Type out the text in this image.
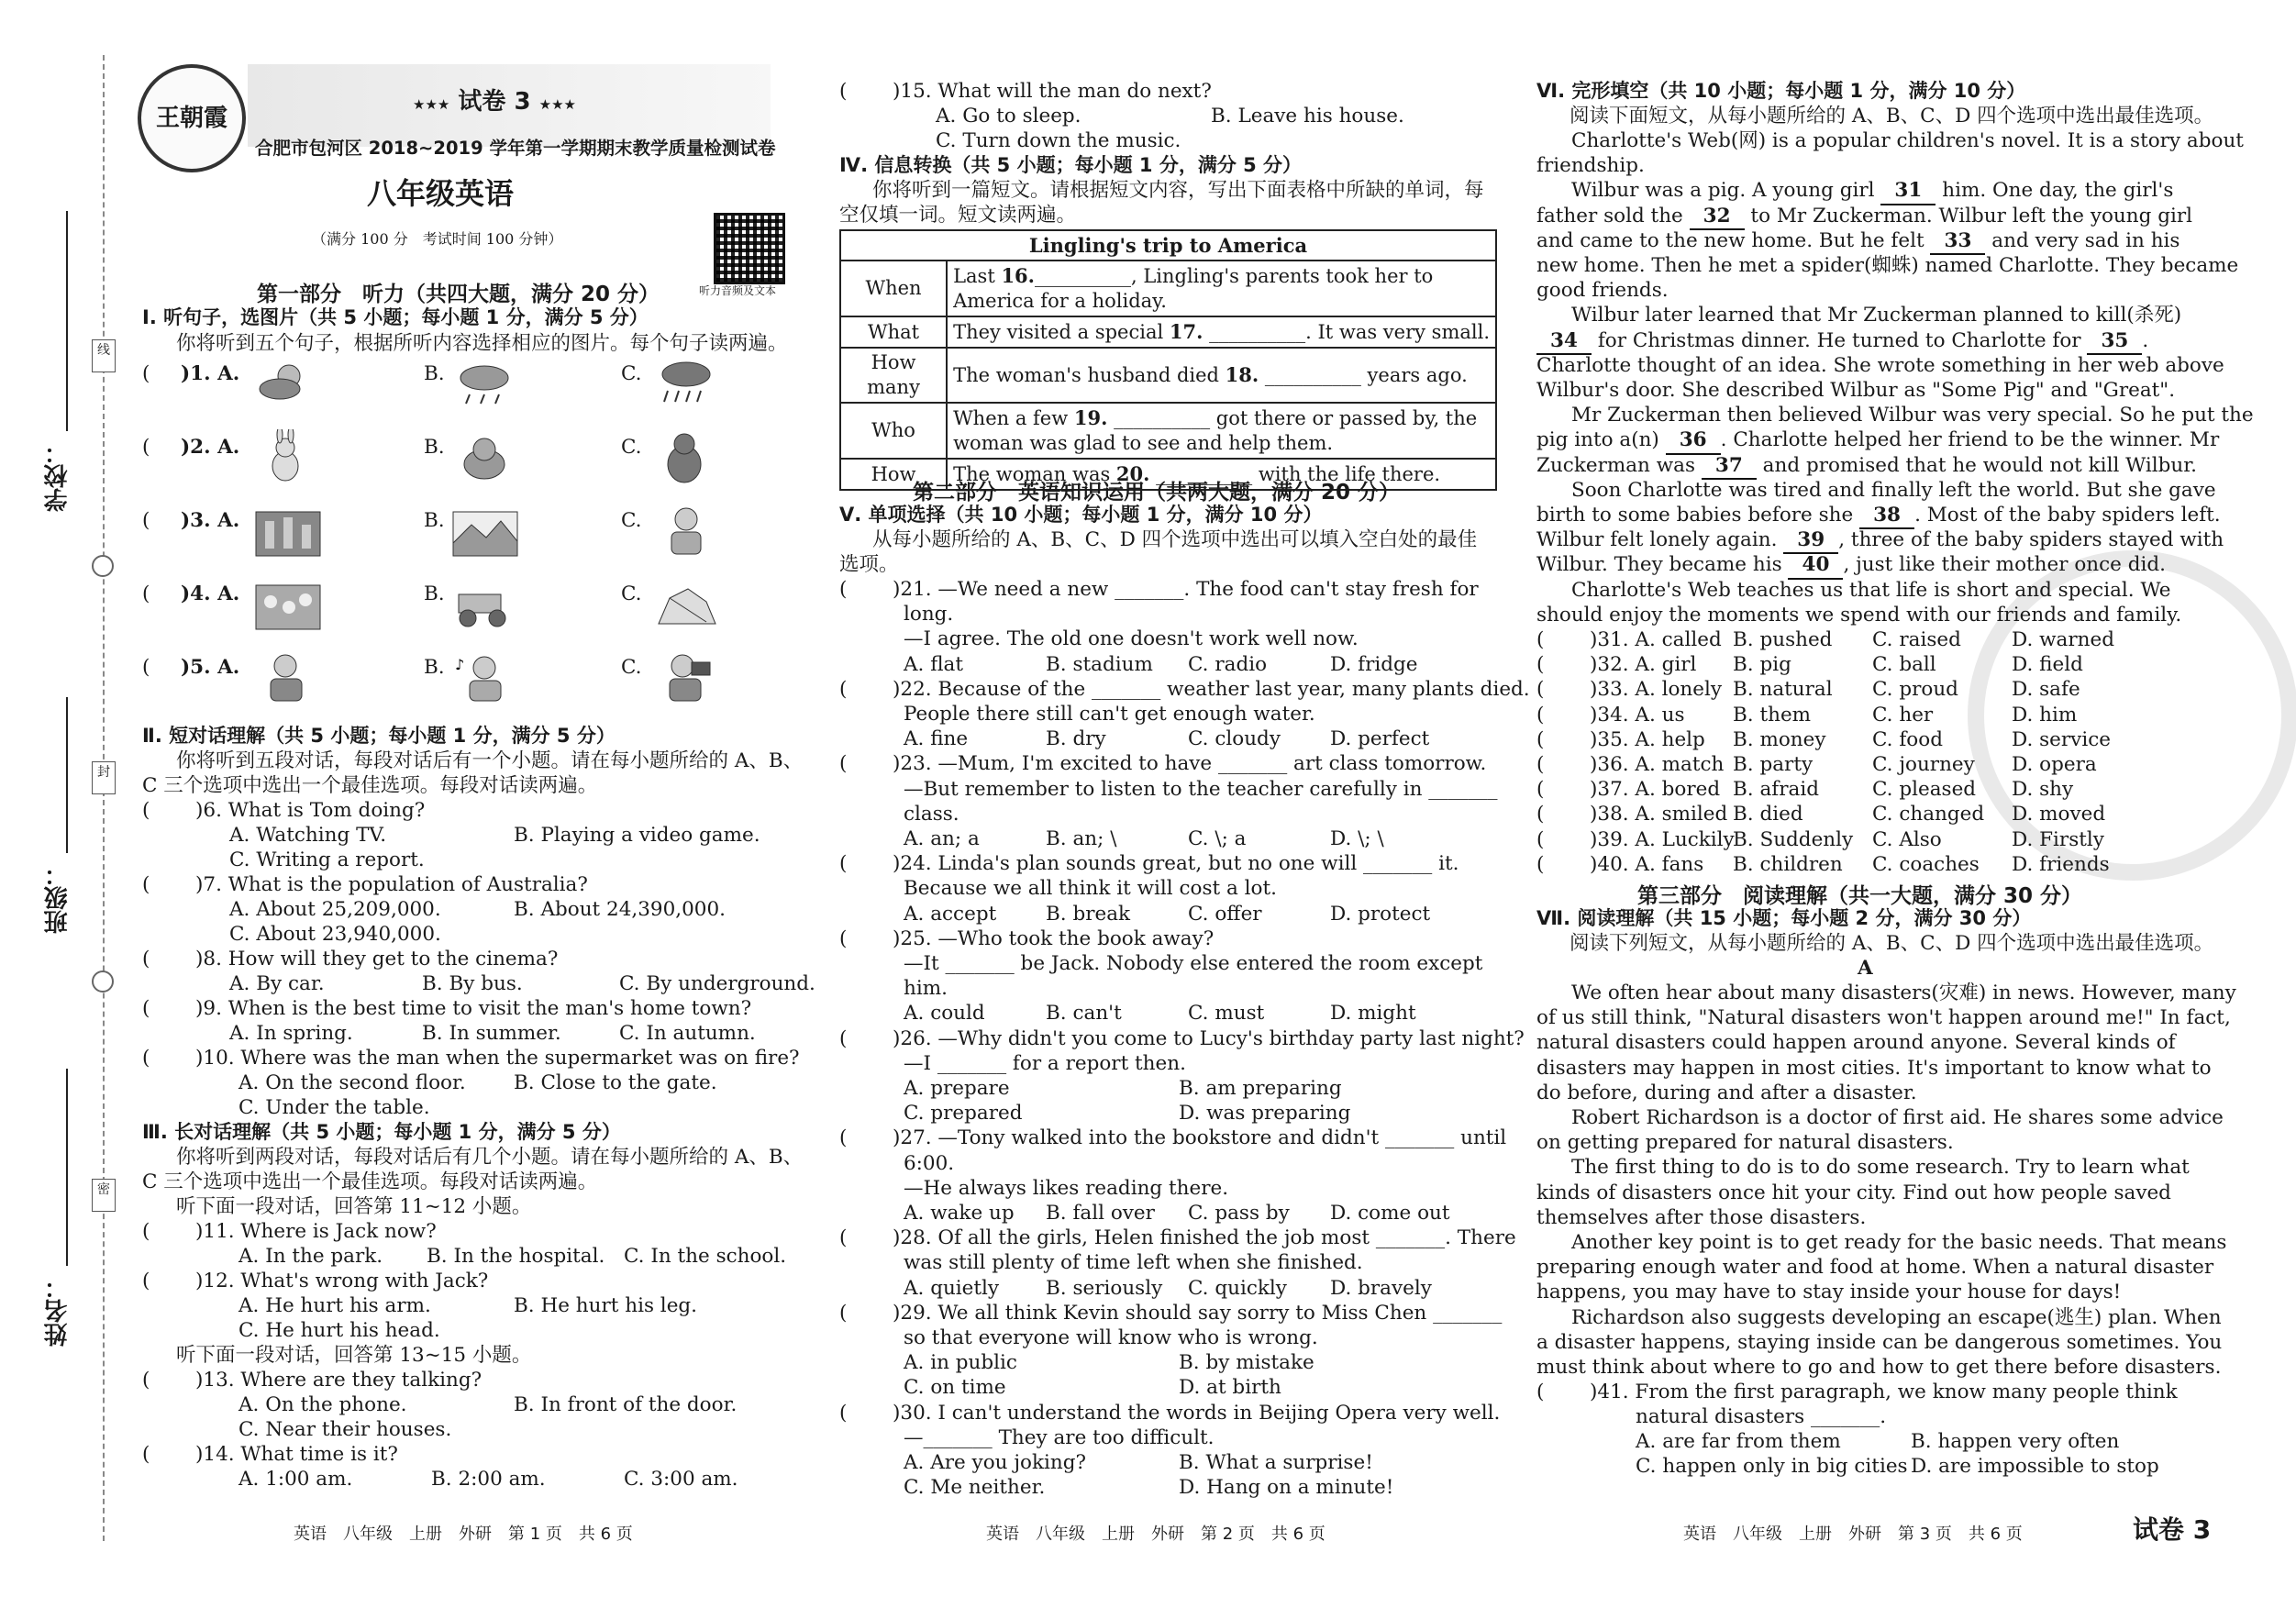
线
封
密
学校：
班级：
姓名：
王朝霞	★★★ 试卷 3 ★★★
合肥市包河区 2018~2019 学年第一学期期末教学质量检测试卷
八年级英语
（满分 100 分　考试时间 100 分钟）
听力音频及文本
第一部分　听力（共四大题，满分 20 分）
Ⅰ. 听句子，选图片（共 5 小题；每小题 1 分，满分 5 分）
你将听到五个句子，根据所听内容选择相应的图片。每个句子读两遍。
(	)1. A.	B.	C.
(	)2. A.	B.	C.
(	)3. A.	B.	C.
(	)4. A.	B.	C.
(	)5. A.	B. ♪	C.
Ⅱ. 短对话理解（共 5 小题；每小题 1 分，满分 5 分）
你将听到五段对话，每段对话后有一个小题。请在每小题所给的 A、B、
C 三个选项中选出一个最佳选项。每段对话读两遍。
( )6. What is Tom doing?
A. Watching TV.	B. Playing a video game.
C. Writing a report.
( )7. What is the population of Australia?
A. About 25,209,000.	B. About 24,390,000.
C. About 23,940,000.
( )8. How will they get to the cinema?
A. By car.	B. By bus.	C. By underground.
( )9. When is the best time to visit the man's home town?
A. In spring.	B. In summer.	C. In autumn.
( )10. Where was the man when the supermarket was on fire?
A. On the second floor. B. Close to the gate.
C. Under the table.
Ⅲ. 长对话理解（共 5 小题；每小题 1 分，满分 5 分）
你将听到两段对话，每段对话后有几个小题。请在每小题所给的 A、B、
C 三个选项中选出一个最佳选项。每段对话读两遍。
听下面一段对话，回答第 11~12 小题。
( )11. Where is Jack now?
A. In the park. B. In the hospital. C. In the school.
( )12. What's wrong with Jack?
A. He hurt his arm.	B. He hurt his leg.
C. He hurt his head.
听下面一段对话，回答第 13~15 小题。
( )13. Where are they talking?
A. On the phone.	B. In front of the door.
C. Near their houses.
( )14. What time is it?
A. 1:00 am.	B. 2:00 am.	C. 3:00 am.
英语　八年级　上册　外研　第 1 页　共 6 页
( )15. What will the man do next?
A. Go to sleep.	B. Leave his house.
C. Turn down the music.
Ⅳ. 信息转换（共 5 小题；每小题 1 分，满分 5 分）
你将听到一篇短文。请根据短文内容，写出下面表格中所缺的单词，每
空仅填一词。短文读两遍。
Lingling's trip to America	
When	Last 16.__________, Lingling's parents took her to
America for a holiday.
What	They visited a special 17. __________. It was very small.
How many	The woman's husband died 18. __________ years ago.
Who	When a few 19. __________ got there or passed by, the
woman was glad to see and help them.
How	The woman was 20. __________ with the life there.
第二部分　英语知识运用（共两大题，满分 20 分）
Ⅴ. 单项选择（共 10 小题；每小题 1 分，满分 10 分）
从每小题所给的 A、B、C、D 四个选项中选出可以填入空白处的最佳
选项。
( )21. —We need a new _______. The food can't stay fresh for
long.
—I agree. The old one doesn't work well now.
A. flat	B. stadium C. radio	D. fridge
( )22. Because of the _______ weather last year, many plants died.
People there still can't get enough water.
A. fine	B. dry	C. cloudy	D. perfect
( )23. —Mum, I'm excited to have _______ art class tomorrow.
—But remember to listen to the teacher carefully in _______
class.
A. an; a	B. an; \	C. \; a	D. \; \
( )24. Linda's plan sounds great, but no one will _______ it.
Because we all think it will cost a lot.
A. accept	B. break	C. offer	D. protect
( )25. —Who took the book away?
—It _______ be Jack. Nobody else entered the room except
him.
A. could	B. can't	C. must	D. might
( )26. —Why didn't you come to Lucy's birthday party last night?
—I _______ for a report then.
A. prepare	B. am preparing
C. prepared	D. was preparing
( )27. —Tony walked into the bookstore and didn't _______ until
6:00.
—He always likes reading there.
A. wake up B. fall over C. pass by D. come out
( )28. Of all the girls, Helen finished the job most _______. There
was still plenty of time left when she finished.
A. quietly B. seriously C. quickly D. bravely
( )29. We all think Kevin should say sorry to Miss Chen _______
so that everyone will know who is wrong.
A. in public	B. by mistake
C. on time	D. at birth
( )30. I can't understand the words in Beijing Opera very well.
—_______ They are too difficult.
A. Are you joking?	B. What a surprise!
C. Me neither.	D. Hang on a minute!
英语　八年级　上册　外研　第 2 页　共 6 页
Ⅵ. 完形填空（共 10 小题；每小题 1 分，满分 10 分）
阅读下面短文，从每小题所给的 A、B、C、D 四个选项中选出最佳选项。
Charlotte's Web(网) is a popular children's novel. It is a story about
friendship.
Wilbur was a pig. A young girl 31 him. One day, the girl's
father sold the 32 to Mr Zuckerman. Wilbur left the young girl
and came to the new home. But he felt 33 and very sad in his
new home. Then he met a spider(蜘蛛) named Charlotte. They became
good friends.
Wilbur later learned that Mr Zuckerman planned to kill(杀死)
34 for Christmas dinner. He turned to Charlotte for 35 .
Charlotte thought of an idea. She wrote something in her web above
Wilbur's door. She described Wilbur as "Some Pig" and "Great".
Mr Zuckerman then believed Wilbur was very special. So he put the
pig into a(n) 36 . Charlotte helped her friend to be the winner. Mr
Zuckerman was 37 and promised that he would not kill Wilbur.
Soon Charlotte was tired and finally left the world. But she gave
birth to some babies before she 38 . Most of the baby spiders left.
Wilbur felt lonely again. 39 , three of the baby spiders stayed with
Wilbur. They became his 40 , just like their mother once did.
Charlotte's Web teaches us that life is short and special. We
should enjoy the moments we spend with our friends and family.
( )31. A. called B. pushed C. raised	D. warned
( )32. A. girl B. pig	C. ball	D. field
( )33. A. lonely B. natural C. proud	D. safe
( )34. A. us B. them	C. her	D. him
( )35. A. help B. money C. food	D. service
( )36. A. match B. party	C. journey D. opera
( )37. A. bored B. afraid	C. pleased D. shy
( )38. A. smiled B. died	C. changed D. moved
( )39. A. LuckilyB. Suddenly C. Also	D. Firstly
( )40. A. fans B. children C. coaches D. friends
第三部分　阅读理解（共一大题，满分 30 分）
Ⅶ. 阅读理解（共 15 小题；每小题 2 分，满分 30 分）
阅读下列短文，从每小题所给的 A、B、C、D 四个选项中选出最佳选项。
A
We often hear about many disasters(灾难) in news. However, many
of us still think, "Natural disasters won't happen around me!" In fact,
natural disasters could happen around anyone. Several kinds of
disasters may happen in most cities. It's important to know what to
do before, during and after a disaster.
Robert Richardson is a doctor of first aid. He shares some advice
on getting prepared for natural disasters.
The first thing to do is to do some research. Try to learn what
kinds of disasters once hit your city. Find out how people saved
themselves after those disasters.
Another key point is to get ready for the basic needs. That means
preparing enough water and food at home. When a natural disaster
happens, you may have to stay inside your house for days!
Richardson also suggests developing an escape(逃生) plan. When
a disaster happens, staying inside can be dangerous sometimes. You
must think about where to go and how to get there before disasters.
( )41. From the first paragraph, we know many people think
natural disasters _______.
A. are far from them	B. happen very often
C. happen only in big cities D. are impossible to stop
英语　八年级　上册　外研　第 3 页　共 6 页	试卷 3
